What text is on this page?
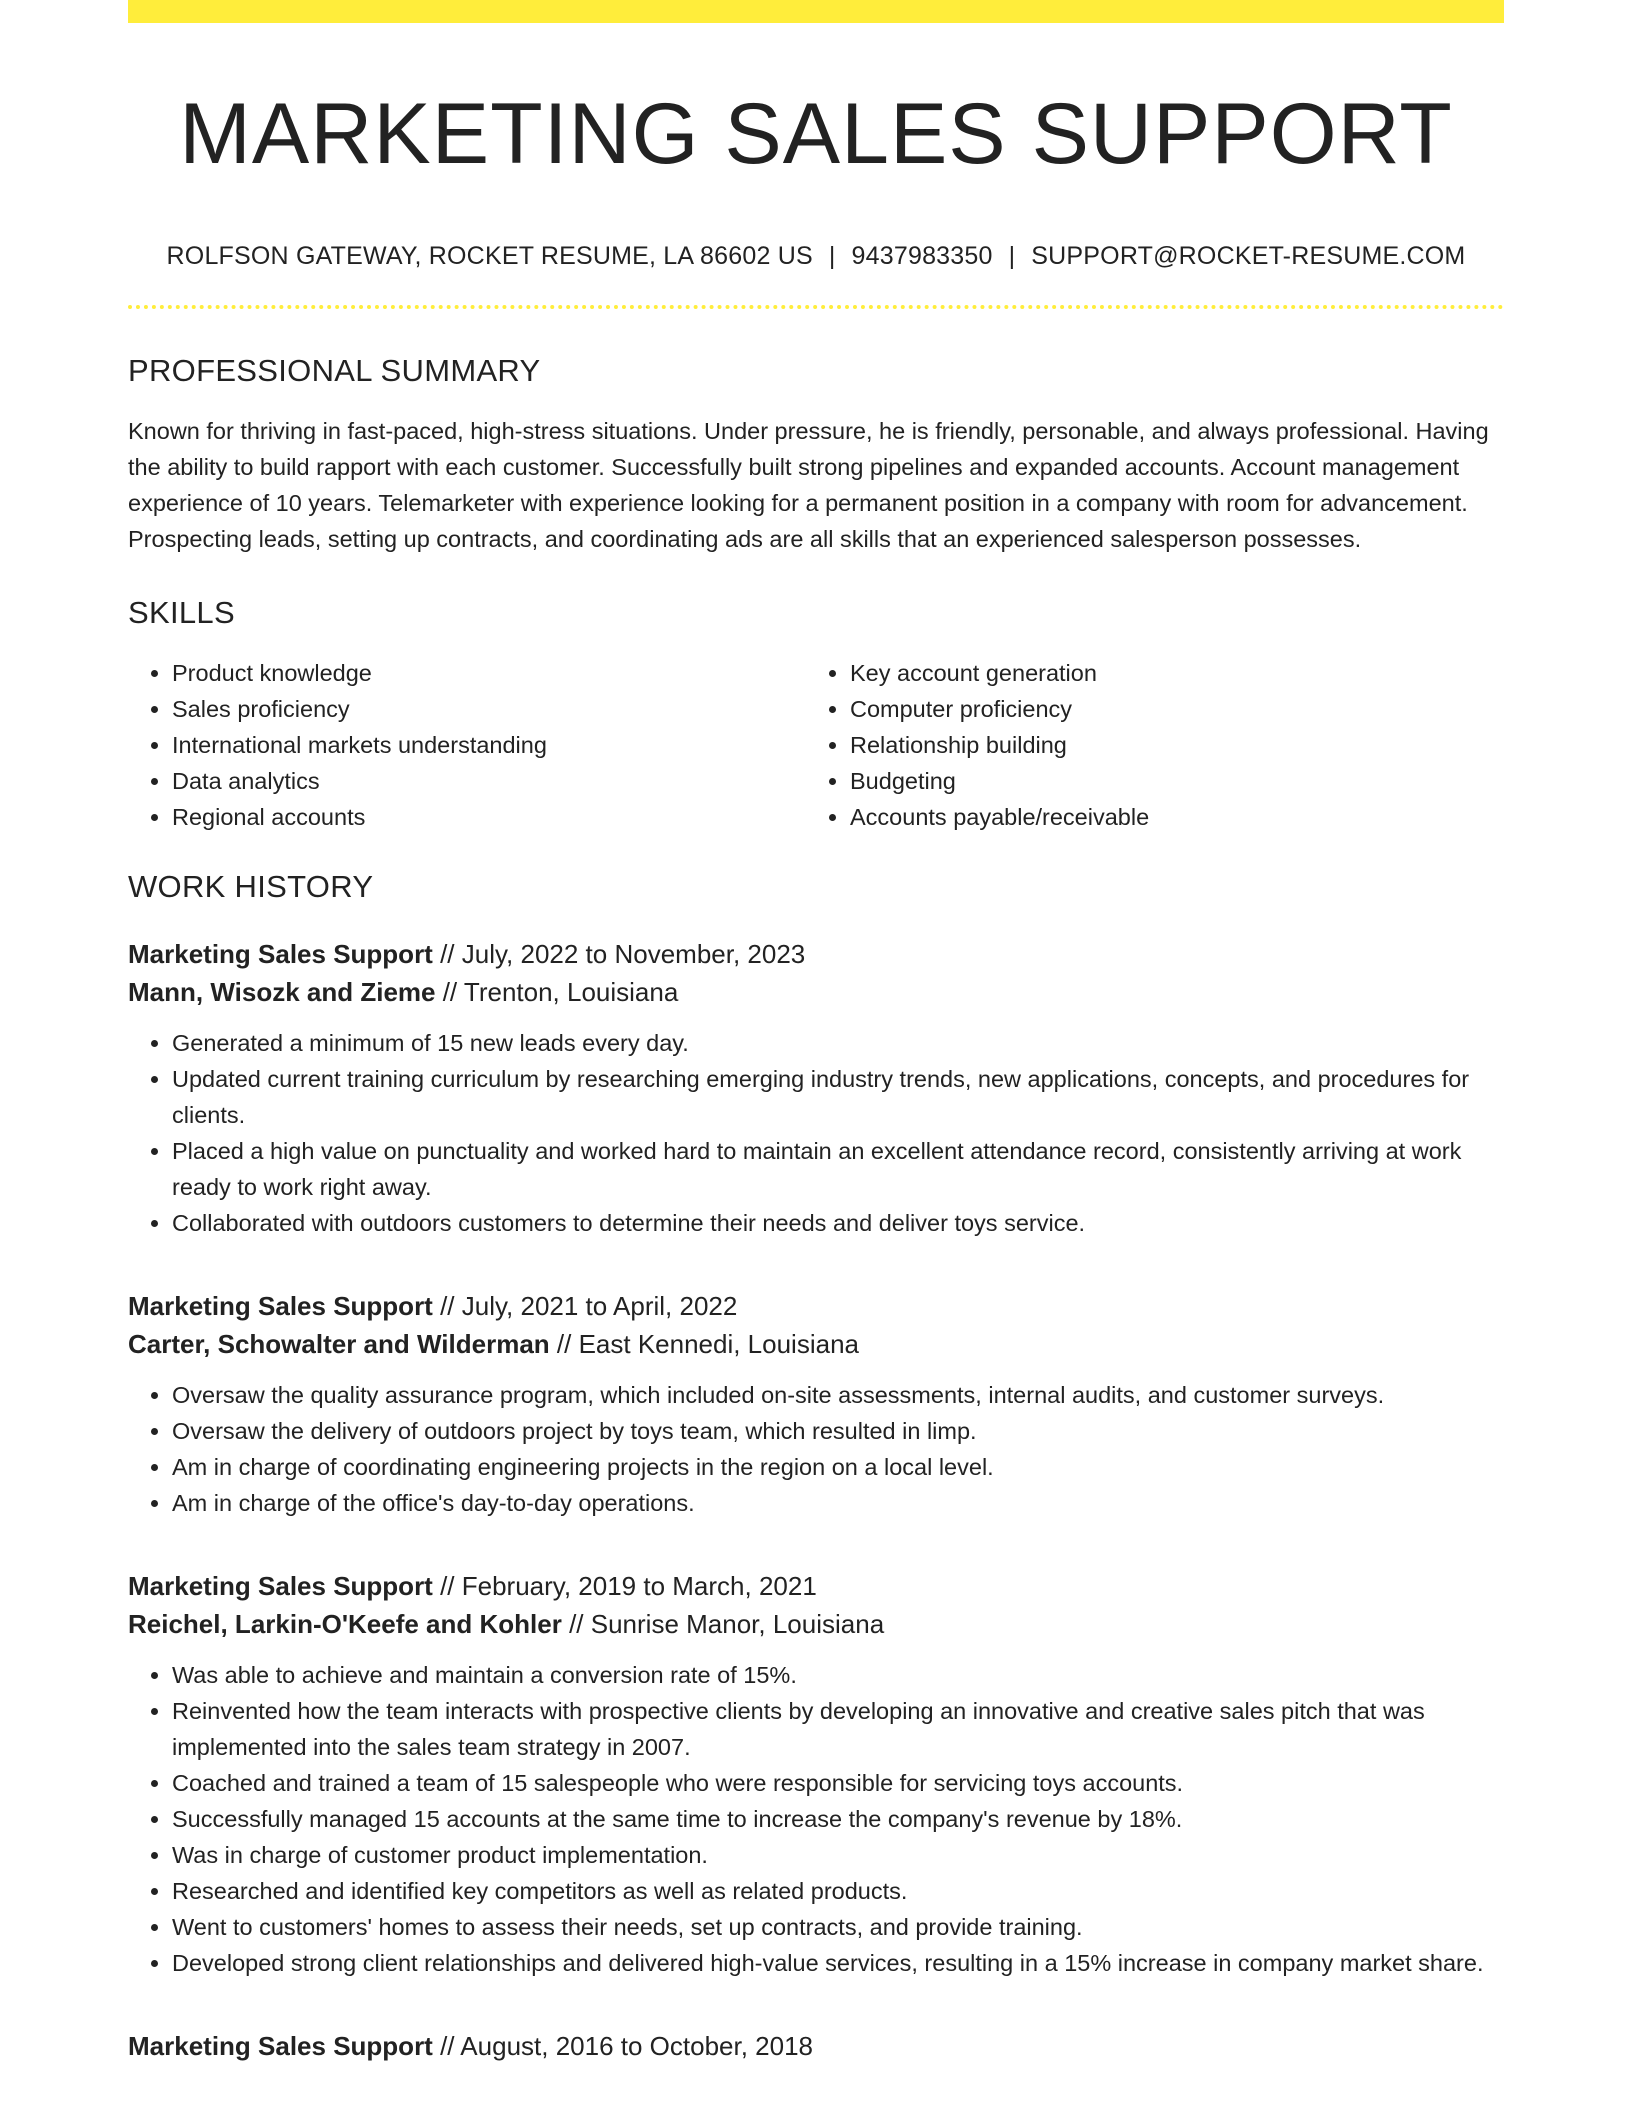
MARKETING SALES SUPPORT
ROLFSON GATEWAY, ROCKET RESUME, LA 86602 US | 9437983350 | SUPPORT@ROCKET-RESUME.COM
PROFESSIONAL SUMMARY
Known for thriving in fast-paced, high-stress situations. Under pressure, he is friendly, personable, and always professional. Having the ability to build rapport with each customer. Successfully built strong pipelines and expanded accounts. Account management experience of 10 years. Telemarketer with experience looking for a permanent position in a company with room for advancement. Prospecting leads, setting up contracts, and coordinating ads are all skills that an experienced salesperson possesses.
SKILLS
• Product knowledge
• Sales proficiency
• International markets understanding
• Data analytics
• Regional accounts
• Key account generation
• Computer proficiency
• Relationship building
• Budgeting
• Accounts payable/receivable
WORK HISTORY
Marketing Sales Support // July, 2022 to November, 2023
Mann, Wisozk and Zieme // Trenton, Louisiana
• Generated a minimum of 15 new leads every day.
• Updated current training curriculum by researching emerging industry trends, new applications, concepts, and procedures for clients.
• Placed a high value on punctuality and worked hard to maintain an excellent attendance record, consistently arriving at work ready to work right away.
• Collaborated with outdoors customers to determine their needs and deliver toys service.
Marketing Sales Support // July, 2021 to April, 2022
Carter, Schowalter and Wilderman // East Kennedi, Louisiana
• Oversaw the quality assurance program, which included on-site assessments, internal audits, and customer surveys.
• Oversaw the delivery of outdoors project by toys team, which resulted in limp.
• Am in charge of coordinating engineering projects in the region on a local level.
• Am in charge of the office's day-to-day operations.
Marketing Sales Support // February, 2019 to March, 2021
Reichel, Larkin-O'Keefe and Kohler // Sunrise Manor, Louisiana
• Was able to achieve and maintain a conversion rate of 15%.
• Reinvented how the team interacts with prospective clients by developing an innovative and creative sales pitch that was implemented into the sales team strategy in 2007.
• Coached and trained a team of 15 salespeople who were responsible for servicing toys accounts.
• Successfully managed 15 accounts at the same time to increase the company's revenue by 18%.
• Was in charge of customer product implementation.
• Researched and identified key competitors as well as related products.
• Went to customers' homes to assess their needs, set up contracts, and provide training.
• Developed strong client relationships and delivered high-value services, resulting in a 15% increase in company market share.
Marketing Sales Support // August, 2016 to October, 2018
